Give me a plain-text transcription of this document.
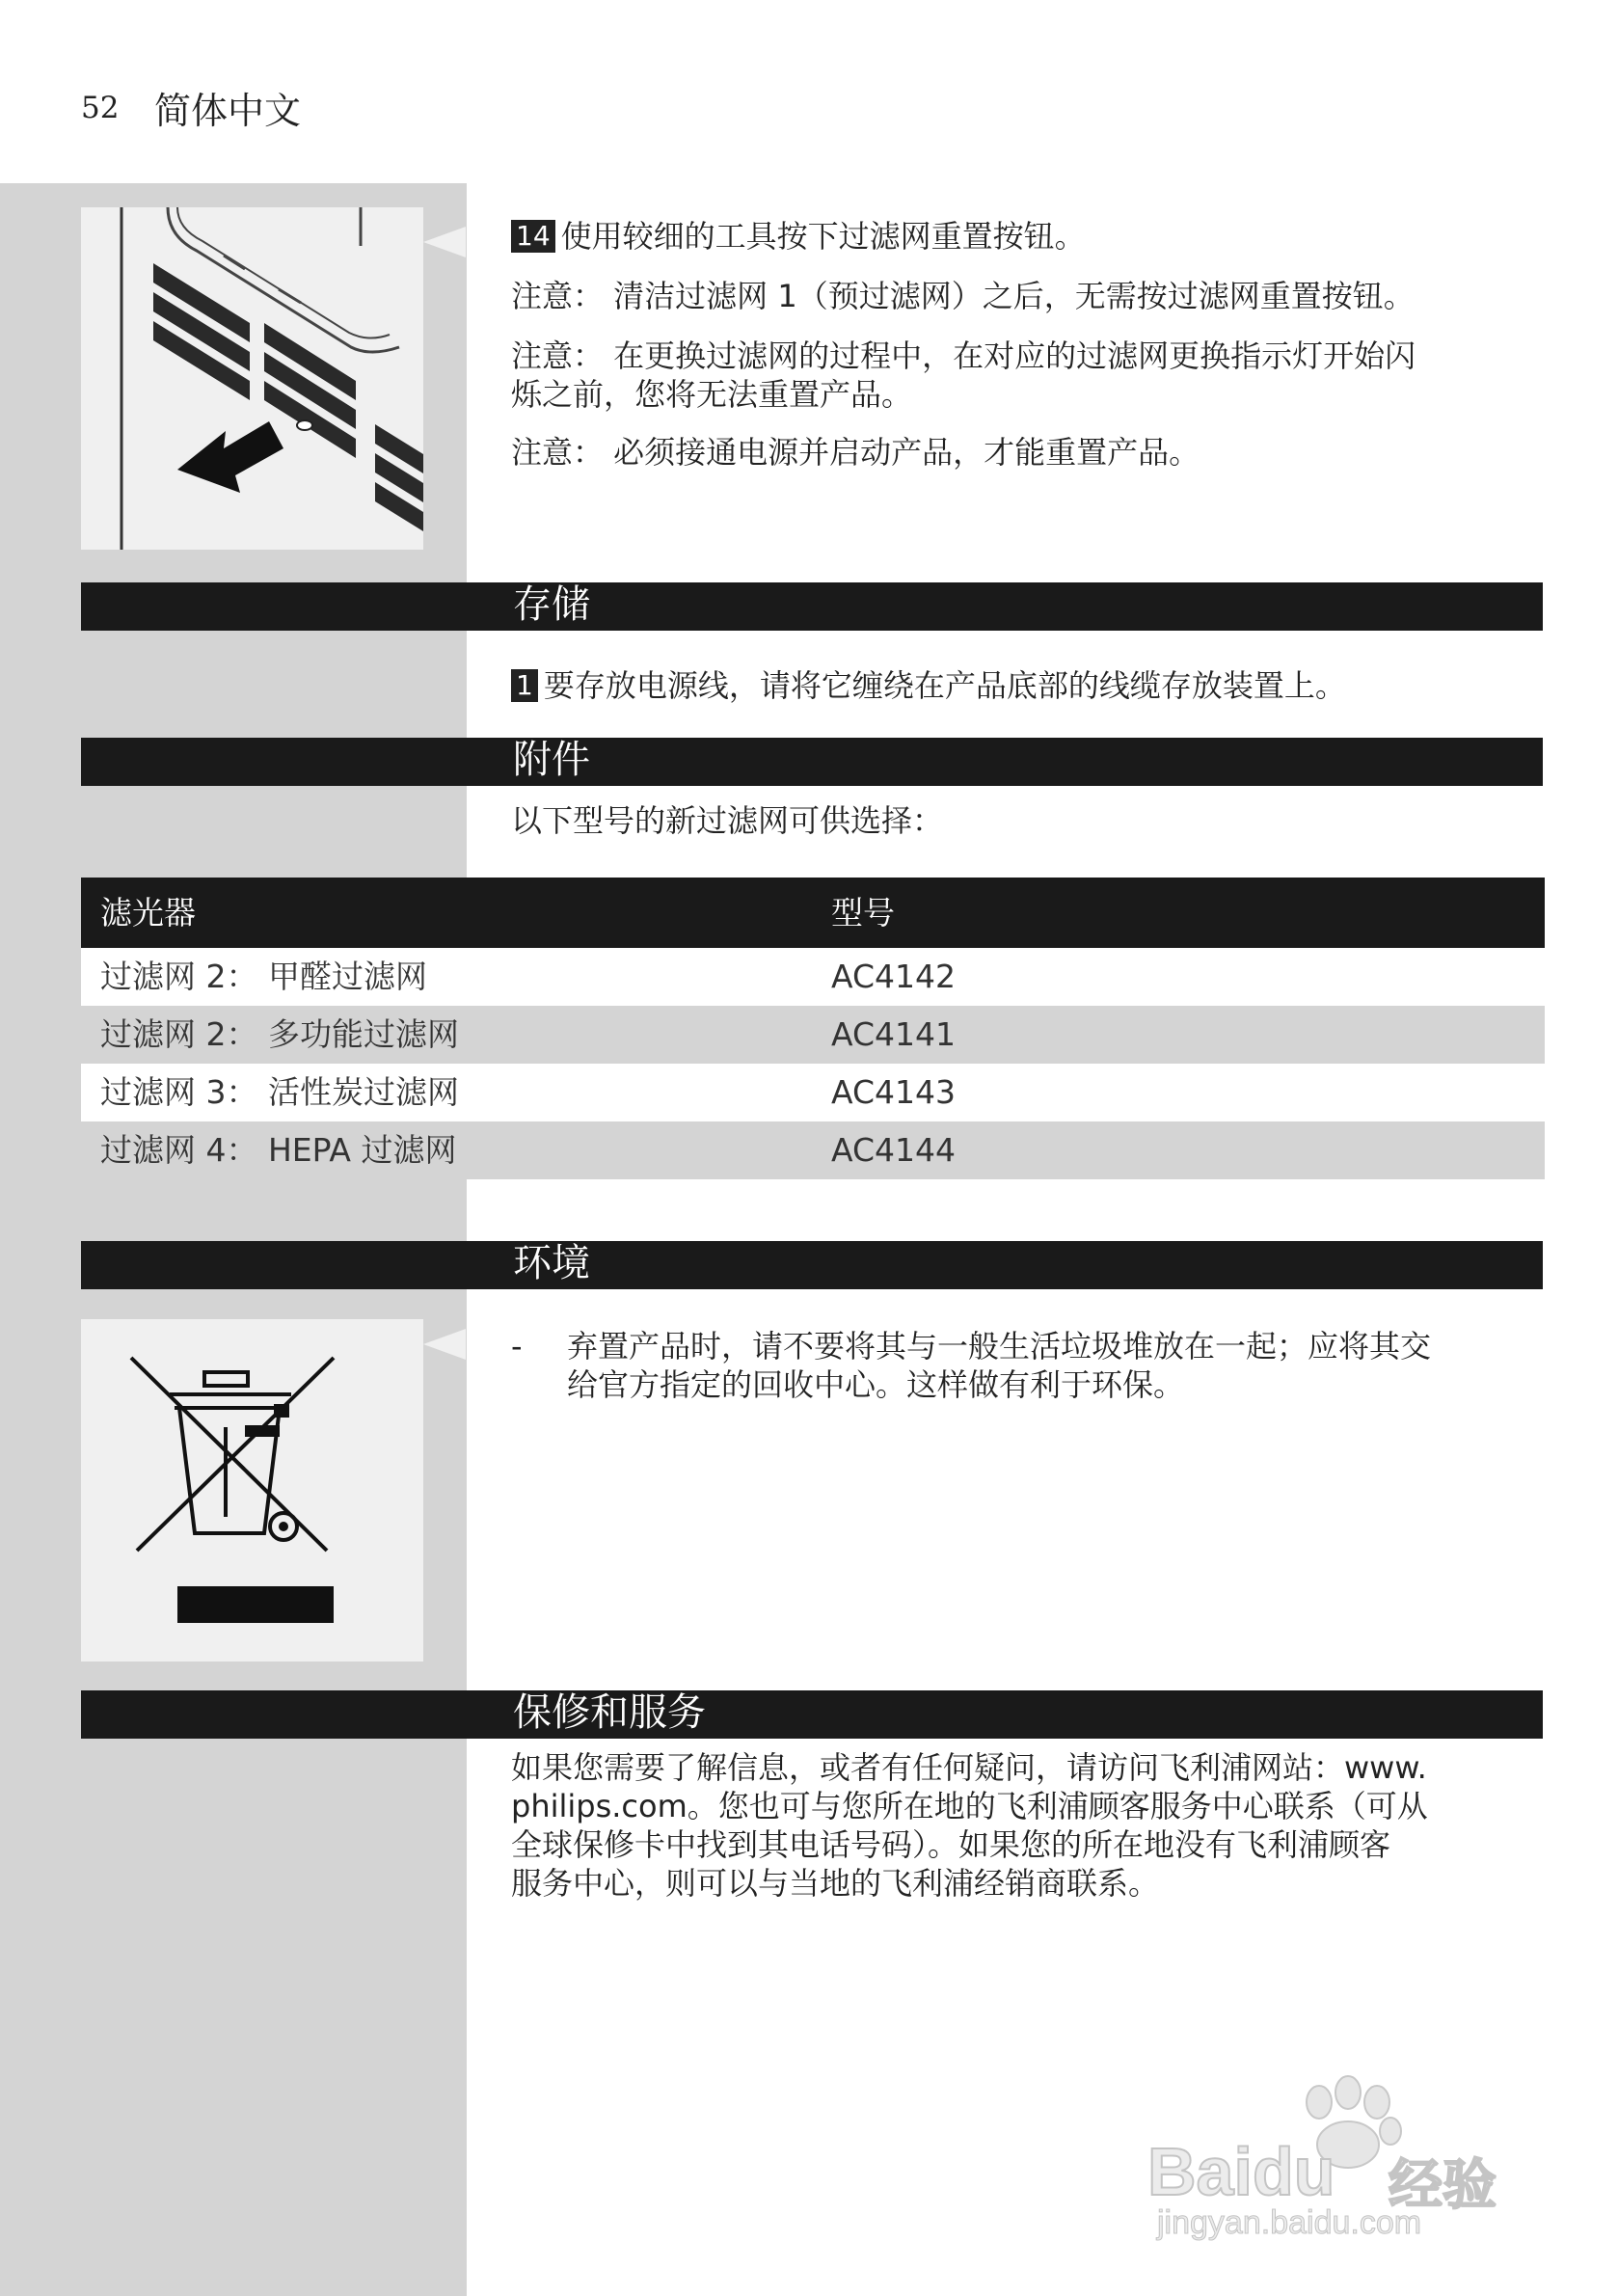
52 简体中文
14 使用较细的工具按下过滤网重置按钮。
注意： 清洁过滤网 1（预过滤网）之后，无需按过滤网重置按钮。
注意： 在更换过滤网的过程中，在对应的过滤网更换指示灯开始闪
烁之前，您将无法重置产品。
注意： 必须接通电源并启动产品，才能重置产品。
存储
1 要存放电源线，请将它缠绕在产品底部的线缆存放装置上。
附件
以下型号的新过滤网可供选择：
滤光器	型号
过滤网 2： 甲醛过滤网	AC4142
过滤网 2： 多功能过滤网	AC4141
过滤网 3： 活性炭过滤网	AC4143
过滤网 4： HEPA 过滤网	AC4144
环境
- 弃置产品时，请不要将其与一般生活垃圾堆放在一起；应将其交
给官方指定的回收中心。这样做有利于环保。
保修和服务
如果您需要了解信息，或者有任何疑问，请访问飞利浦网站：www.
philips.com。您也可与您所在地的飞利浦顾客服务中心联系（可从
全球保修卡中找到其电话号码）。如果您的所在地没有飞利浦顾客
服务中心，则可以与当地的飞利浦经销商联系。
Baidu 经验
jingyan.baidu.com
